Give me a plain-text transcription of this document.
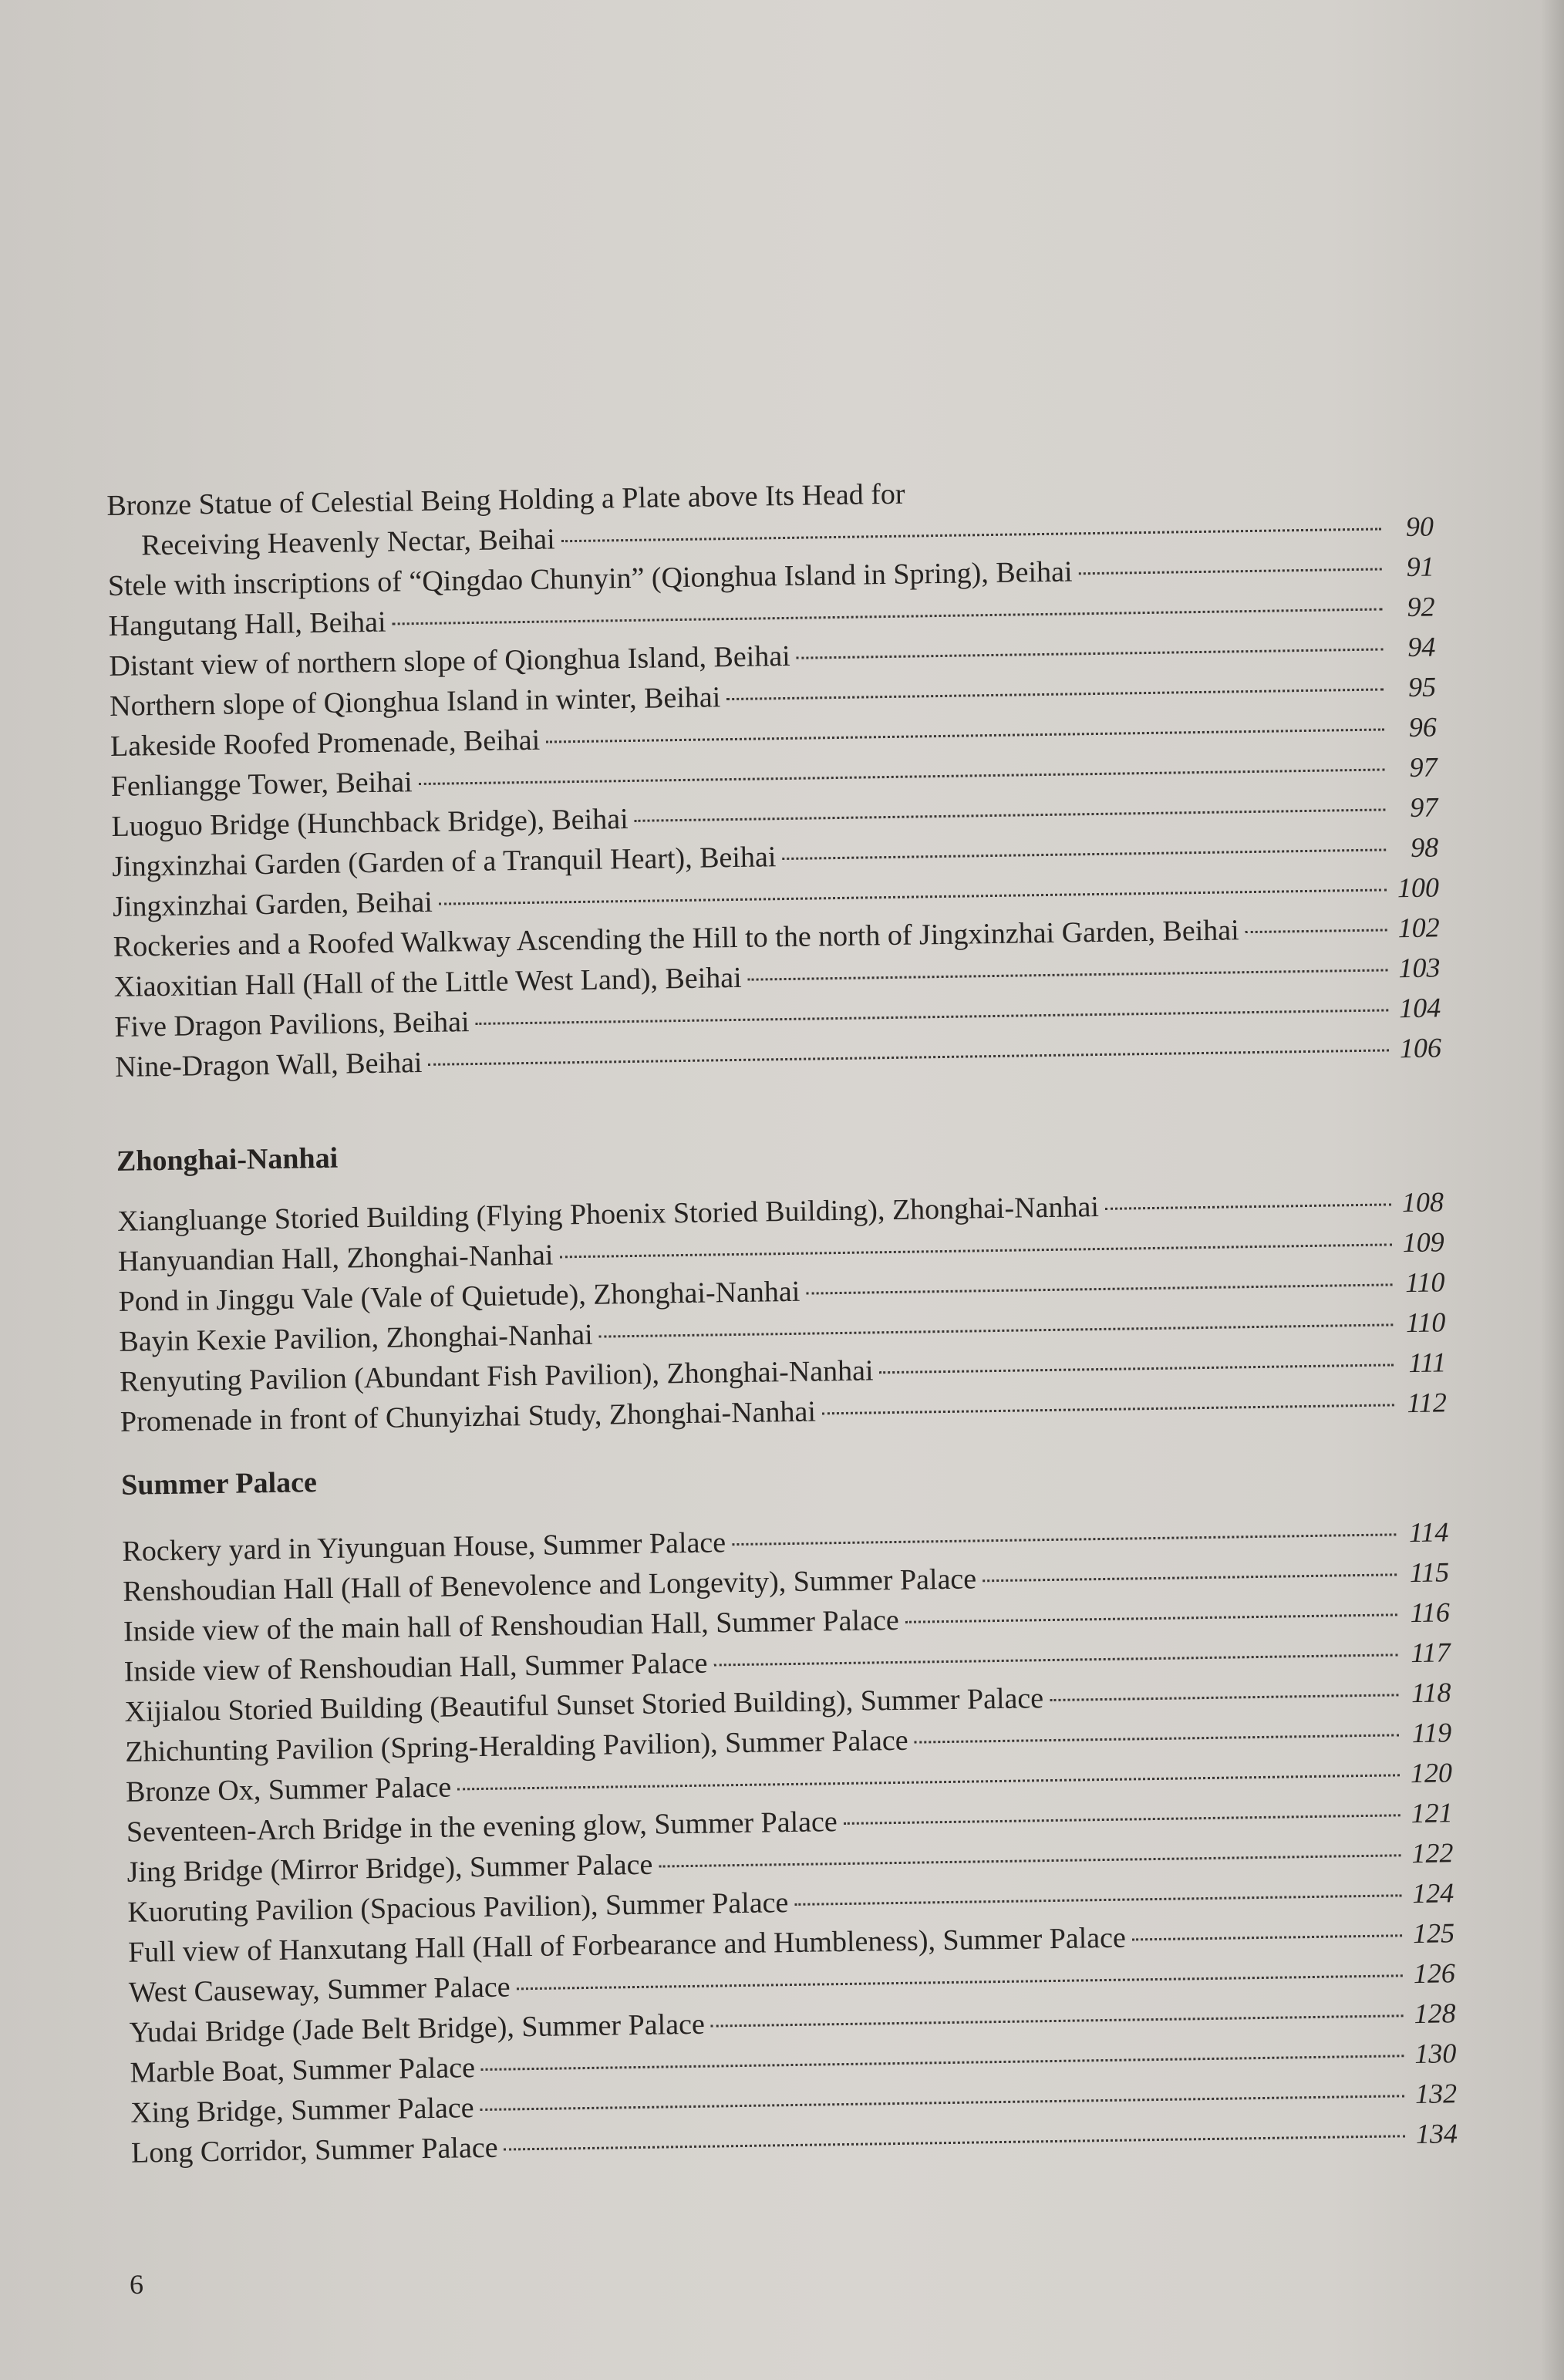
Bronze Statue of Celestial Being Holding a Plate above Its Head for
Receiving Heavenly Nectar, Beihai	90
Stele with inscriptions of “Qingdao Chunyin” (Qionghua Island in Spring), Beihai	91
Hangutang Hall, Beihai	92
Distant view of northern slope of Qionghua Island, Beihai	94
Northern slope of Qionghua Island in winter, Beihai	95
Lakeside Roofed Promenade, Beihai	96
Fenliangge Tower, Beihai	97
Luoguo Bridge (Hunchback Bridge), Beihai	97
Jingxinzhai Garden (Garden of a Tranquil Heart), Beihai	98
Jingxinzhai Garden, Beihai	100
Rockeries and a Roofed Walkway Ascending the Hill to the north of Jingxinzhai Garden, Beihai	102
Xiaoxitian Hall (Hall of the Little West Land), Beihai	103
Five Dragon Pavilions, Beihai	104
Nine-Dragon Wall, Beihai	106
Zhonghai-Nanhai
Xiangluange Storied Building (Flying Phoenix Storied Building), Zhonghai-Nanhai	108
Hanyuandian Hall, Zhonghai-Nanhai	109
Pond in Jinggu Vale (Vale of Quietude), Zhonghai-Nanhai	110
Bayin Kexie Pavilion, Zhonghai-Nanhai	110
Renyuting Pavilion (Abundant Fish Pavilion), Zhonghai-Nanhai	111
Promenade in front of Chunyizhai Study, Zhonghai-Nanhai	112
Summer Palace
Rockery yard in Yiyunguan House, Summer Palace	114
Renshoudian Hall (Hall of Benevolence and Longevity), Summer Palace	115
Inside view of the main hall of Renshoudian Hall, Summer Palace	116
Inside view of Renshoudian Hall, Summer Palace	117
Xijialou Storied Building (Beautiful Sunset Storied Building), Summer Palace	118
Zhichunting Pavilion (Spring-Heralding Pavilion), Summer Palace	119
Bronze Ox, Summer Palace	120
Seventeen-Arch Bridge in the evening glow, Summer Palace	121
Jing Bridge (Mirror Bridge), Summer Palace	122
Kuoruting Pavilion (Spacious Pavilion), Summer Palace	124
Full view of Hanxutang Hall (Hall of Forbearance and Humbleness), Summer Palace	125
West Causeway, Summer Palace	126
Yudai Bridge (Jade Belt Bridge), Summer Palace	128
Marble Boat, Summer Palace	130
Xing Bridge, Summer Palace	132
Long Corridor, Summer Palace	134
6
